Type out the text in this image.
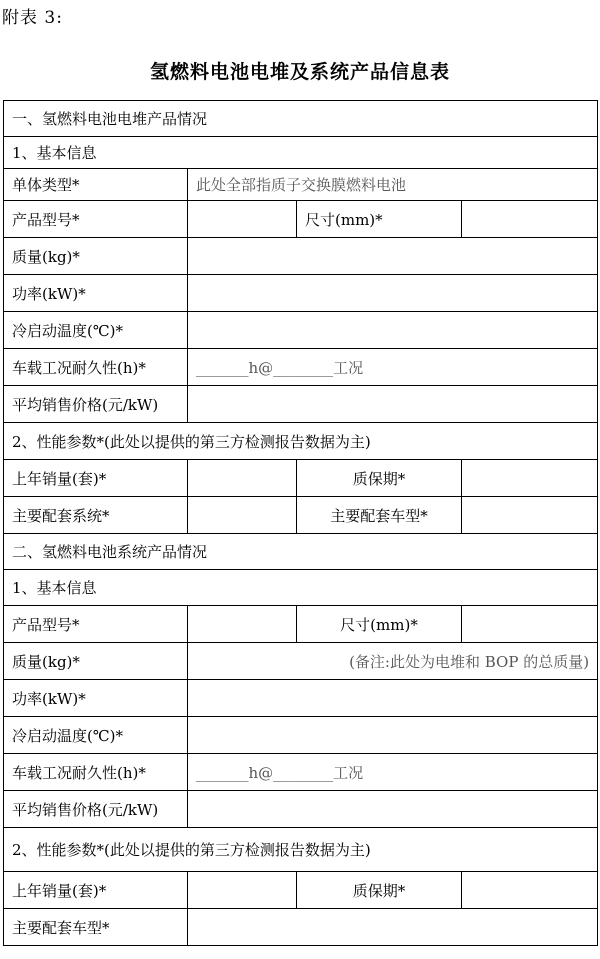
附表 3:
氢燃料电池电堆及系统产品信息表
一、氢燃料电池电堆产品情况			
1、基本信息			
单体类型*	此处全部指质子交换膜燃料电池		
产品型号*		尺寸(mm)*	
质量(kg)*			
功率(kW)*			
冷启动温度(℃)*			
车载工况耐久性(h)*	_______h@________工况		
平均销售价格(元/kW)			
2、性能参数*(此处以提供的第三方检测报告数据为主)			
上年销量(套)*		质保期*	
主要配套系统*		主要配套车型*	
二、氢燃料电池系统产品情况			
1、基本信息			
产品型号*		尺寸(mm)*	
质量(kg)*	(备注:此处为电堆和 BOP 的总质量)		
功率(kW)*			
冷启动温度(℃)*			
车载工况耐久性(h)*	_______h@________工况		
平均销售价格(元/kW)			
2、性能参数*(此处以提供的第三方检测报告数据为主)			
上年销量(套)*		质保期*	
主要配套车型*			
